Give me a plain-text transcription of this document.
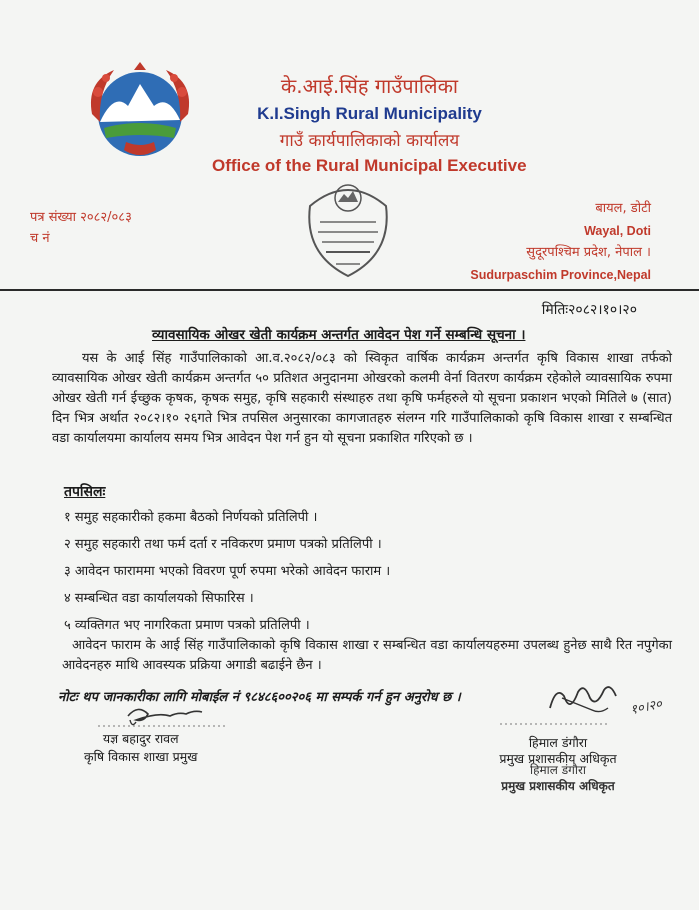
के.आई.सिंह गाउँपालिका
K.I.Singh Rural Municipality
गाउँ कार्यपालिकाको कार्यालय
Office of the Rural Municipal Executive
पत्र संख्या २०८२/०८३
च नं
बायल, डोटी
Wayal, Doti
सुदूरपश्चिम प्रदेश, नेपाल ।
Sudurpaschim Province,Nepal
मितिः२०८२।१०।२०
व्यावसायिक ओखर खेती कार्यक्रम अन्तर्गत आवेदन पेश गर्ने सम्बन्धि सूचना ।
यस के आई सिंह गाउँपालिकाको आ.व.२०८२/०८३ को स्विकृत वार्षिक कार्यक्रम अन्तर्गत कृषि विकास शाखा तर्फको व्यावसायिक ओखर खेती कार्यक्रम अन्तर्गत ५० प्रतिशत अनुदानमा ओखरको कलमी वेर्ना वितरण कार्यक्रम रहेकोले व्यावसायिक रुपमा ओखर खेती गर्न ईच्छुक कृषक, कृषक समुह, कृषि सहकारी संस्थाहरु तथा कृषि फर्महरुले यो सूचना प्रकाशन भएको मितिले ७ (सात) दिन भित्र अर्थात २०८२।१० २६गते भित्र तपसिल अनुसारका कागजातहरु संलग्न गरि गाउँपालिकाको कृषि विकास शाखा र सम्बन्धित वडा कार्यालयमा कार्यालय समय भित्र आवेदन पेश गर्न हुन यो सूचना प्रकाशित गरिएको छ ।
तपसिलः
१ समुह सहकारीको हकमा बैठको निर्णयको प्रतिलिपी ।
२ समुह सहकारी तथा फर्म दर्ता र नविकरण प्रमाण पत्रको प्रतिलिपी ।
३ आवेदन फाराममा भएको विवरण पूर्ण रुपमा भरेको आवेदन फाराम ।
४ सम्बन्धित वडा कार्यालयको सिफारिस ।
५ व्यक्तिगत भए नागरिकता प्रमाण पत्रको प्रतिलिपी ।
आवेदन फाराम के आई सिंह गाउँपालिकाको कृषि विकास शाखा र सम्बन्धित वडा कार्यालयहरुमा उपलब्ध हुनेछ साथै रित नपुगेका आवेदनहरु माथि आवस्यक प्रक्रिया अगाडी बढाईने छैन ।
नोटः थप जानकारीका लागि मोबाईल नं ९८४८६००२०६ मा सम्पर्क गर्न हुन अनुरोध छ ।
यज्ञ बहादुर रावल
कृषि विकास शाखा प्रमुख
१०।२०
हिमाल डंगौरा
प्रमुख प्रशासकीय अधिकृत
हिमाल डंगौरा
प्रमुख प्रशासकीय अधिकृत
